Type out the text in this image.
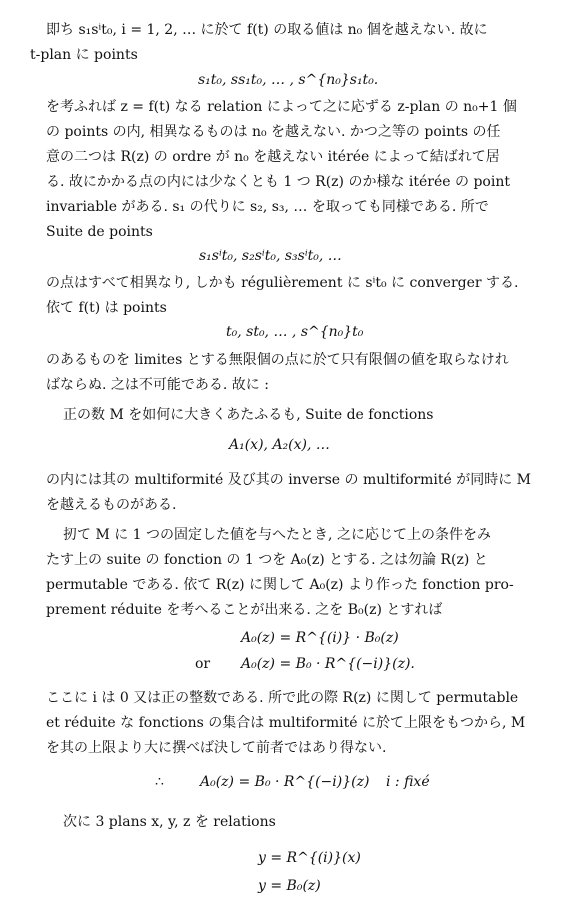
即ち s₁sⁱt₀, i = 1, 2, … に於て f(t) の取る値は n₀ 個を越えない. 故に
t-plan に points
s₁t₀, ss₁t₀, … , s^{n₀}s₁t₀.
を考ふれば z = f(t) なる relation によって之に応ずる z-plan の n₀+1 個
の points の内, 相異なるものは n₀ を越えない. かつ之等の points の任
意の二つは R(z) の ordre が n₀ を越えない itérée によって結ばれて居
る. 故にかかる点の内には少なくとも 1 つ R(z) のか様な itérée の point
invariable がある. s₁ の代りに s₂, s₃, … を取っても同様である. 所で
Suite de points
s₁sⁱt₀, s₂sⁱt₀, s₃sⁱt₀, …
の点はすべて相異なり, しかも régulièrement に sⁱt₀ に converger する.
依て f(t) は points
t₀, st₀, … , s^{n₀}t₀
のあるものを limites とする無限個の点に於て只有限個の値を取らなけれ
ばならぬ. 之は不可能である. 故に :
正の数 M を如何に大きくあたふるも, Suite de fonctions
A₁(x), A₂(x), …
の内には其の multiformité 及び其の inverse の multiformité が同時に M
を越えるものがある.
扨て M に 1 つの固定した値を与へたとき, 之に応じて上の条件をみ
たす上の suite の fonction の 1 つを A₀(z) とする. 之は勿論 R(z) と
permutable である. 依て R(z) に関して A₀(z) より作った fonction pro-
prement réduite を考へることが出来る. 之を B₀(z) とすれば
A₀(z) = R^{(i)} · B₀(z)
or A₀(z) = B₀ · R^{(−i)}(z).
ここに i は 0 又は正の整数である. 所で此の際 R(z) に関して permutable
et réduite な fonctions の集合は multiformité に於て上限をもつから, M
を其の上限より大に撰べば決して前者ではあり得ない.
∴	A₀(z) = B₀ · R^{(−i)}(z) i : fixé
次に 3 plans x, y, z を relations
y = R^{(i)}(x)
y = B₀(z)
